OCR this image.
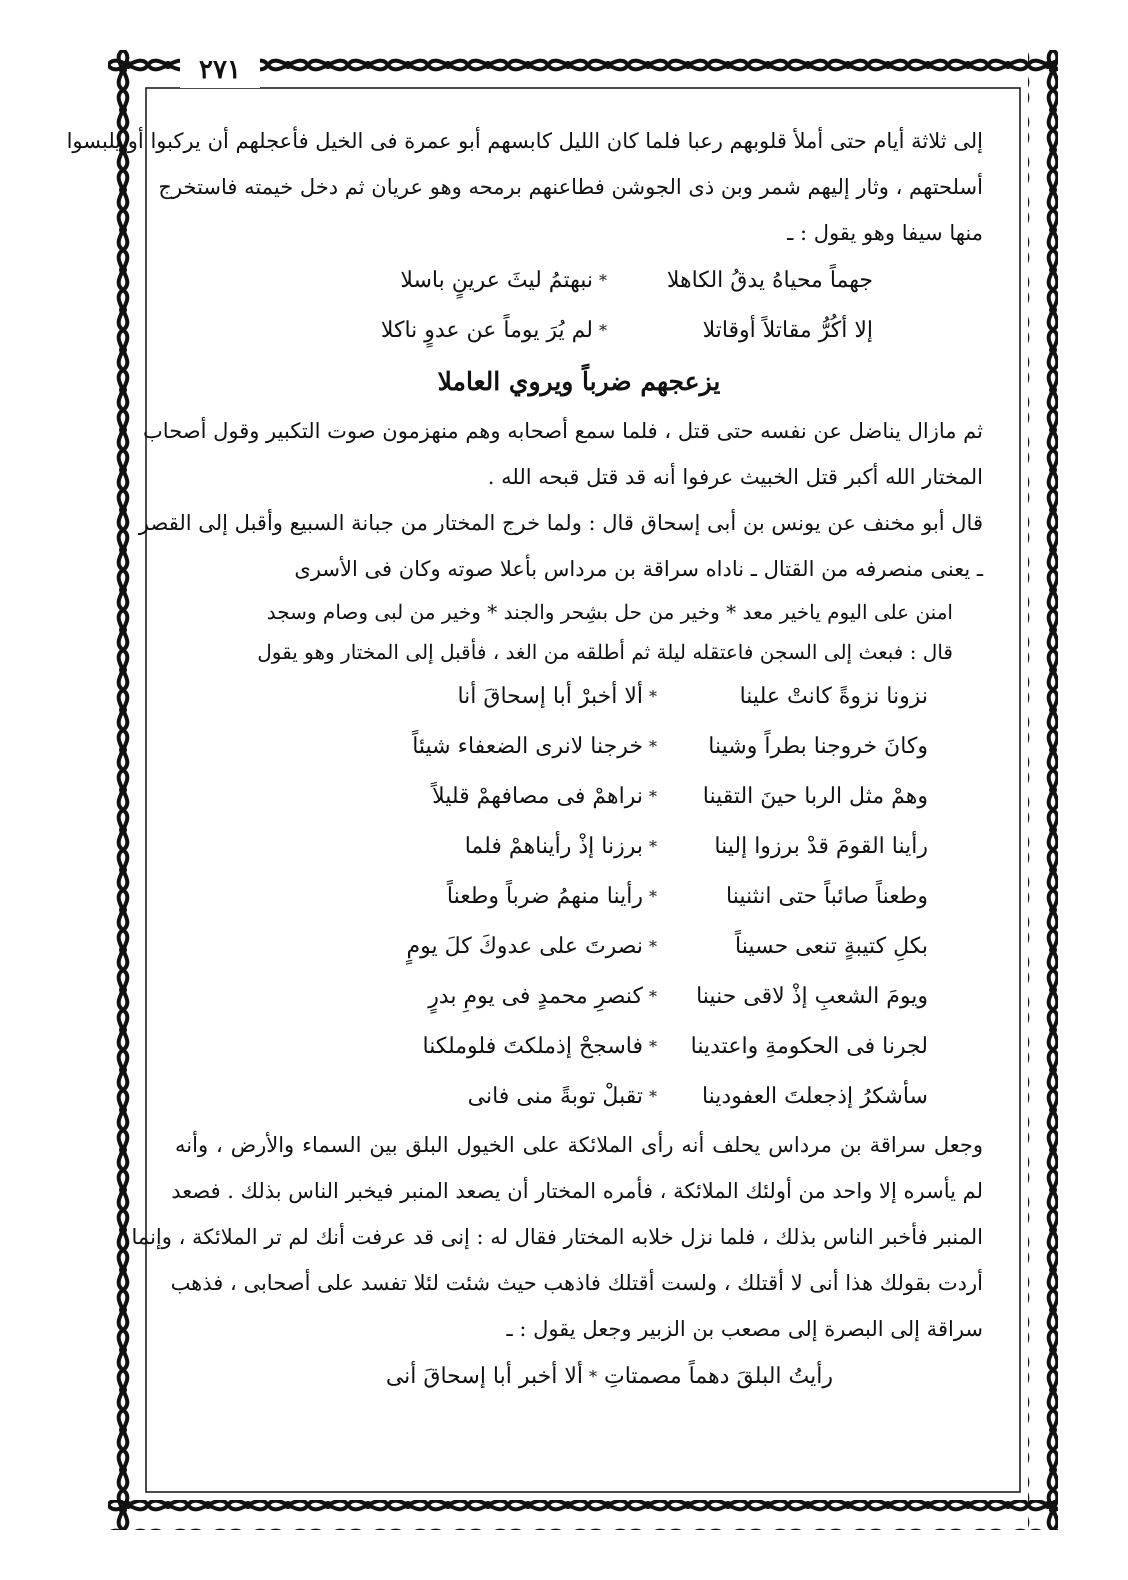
٢٧١
إلى ثلاثة أيام حتى أملأ قلوبهم رعبا فلما كان الليل كابسهم أبو عمرة فى الخيل فأعجلهم أن يركبوا أو يلبسوا
أسلحتهم ، وثار إليهم شمر وبن ذى الجوشن فطاعنهم برمحه وهو عريان ثم دخل خيمته فاستخرج
منها سيفا وهو يقول : ـ
نبهتمُ ليثَ عرينٍ باسلا *	جهماً محياهُ يدقُ الكاهلا
لم يُرَ يوماً عن عدوٍ ناكلا *	إلا أكُرُّ مقاتلاً أوقاتلا
يزعجهم ضرباً ويروي العاملا
ثم مازال يناضل عن نفسه حتى قتل ، فلما سمع أصحابه وهم منهزمون صوت التكبير وقول أصحاب
المختار الله أكبر قتل الخبيث عرفوا أنه قد قتل قبحه الله .
قال أبو مخنف عن يونس بن أبى إسحاق قال : ولما خرج المختار من جبانة السبيع وأقبل إلى القصر
ـ يعنى منصرفه من القتال ـ ناداه سراقة بن مرداس بأعلا صوته وكان فى الأسرى
امنن على اليوم ياخير معد * وخير من حل بشِحر والجند * وخير من لبى وصام وسجد
قال : فبعث إلى السجن فاعتقله ليلة ثم أطلقه من الغد ، فأقبل إلى المختار وهو يقول
ألا أخبرْ أبا إسحاقَ أنا *	نزونا نزوةً كانتْ علينا
خرجنا لانرى الضعفاء شيئاً *	وكانَ خروجنا بطراً وشينا
نراهمْ فى مصافهمْ قليلاً *	وهمْ مثل الربا حينَ التقينا
برزنا إذْ رأيناهمْ فلما *	رأينا القومَ قدْ برزوا إلينا
رأينا منهمُ ضرباً وطعناً *	وطعناً صائباً حتى انثنينا
نصرتَ على عدوكَ كلَ يومٍ *	بكلِ كتيبةٍ تنعى حسيناً
كنصرِ محمدٍ فى يومِ بدرٍ *	ويومَ الشعبِ إذْ لاقى حنينا
فاسجحْ إذملكتَ فلوملكنا *	لجرنا فى الحكومةِ واعتدينا
تقبلْ توبةً منى فانى *	سأشكرُ إذجعلتَ العفودينا
وجعل سراقة بن مرداس يحلف أنه رأى الملائكة على الخيول البلق بين السماء والأرض ، وأنه
لم يأسره إلا واحد من أولئك الملائكة ، فأمره المختار أن يصعد المنبر فيخبر الناس بذلك . فصعد
المنبر فأخبر الناس بذلك ، فلما نزل خلابه المختار فقال له : إنى قد عرفت أنك لم تر الملائكة ، وإنما
أردت بقولك هذا أنى لا أقتلك ، ولست أقتلك فاذهب حيث شئت لئلا تفسد على أصحابى ، فذهب
سراقة إلى البصرة إلى مصعب بن الزبير وجعل يقول : ـ
ألا أخبر أبا إسحاقَ أنى * رأيتُ البلقَ دهماً مصمتاتِ
